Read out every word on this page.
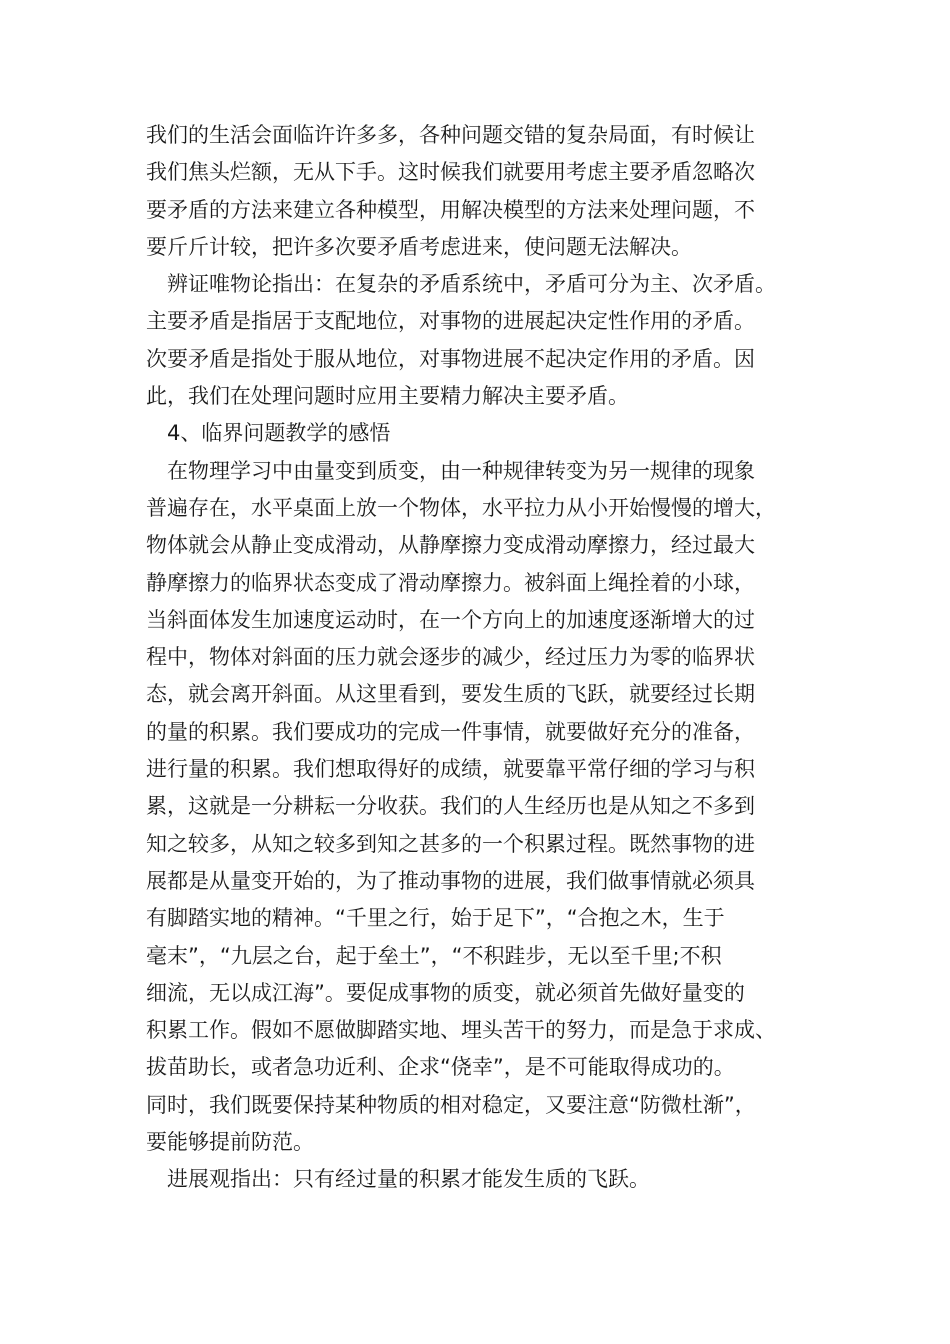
我们的生活会面临许许多多，各种问题交错的复杂局面，有时候让
我们焦头烂额，无从下手。这时候我们就要用考虑主要矛盾忽略次
要矛盾的方法来建立各种模型，用解决模型的方法来处理问题，不
要斤斤计较，把许多次要矛盾考虑进来，使问题无法解决。
辨证唯物论指出：在复杂的矛盾系统中，矛盾可分为主、次矛盾。
主要矛盾是指居于支配地位，对事物的进展起决定性作用的矛盾。
次要矛盾是指处于服从地位，对事物进展不起决定作用的矛盾。因
此，我们在处理问题时应用主要精力解决主要矛盾。
4、临界问题教学的感悟
在物理学习中由量变到质变，由一种规律转变为另一规律的现象
普遍存在，水平桌面上放一个物体，水平拉力从小开始慢慢的增大，
物体就会从静止变成滑动，从静摩擦力变成滑动摩擦力，经过最大
静摩擦力的临界状态变成了滑动摩擦力。被斜面上绳拴着的小球，
当斜面体发生加速度运动时，在一个方向上的加速度逐渐增大的过
程中，物体对斜面的压力就会逐步的减少，经过压力为零的临界状
态，就会离开斜面。从这里看到，要发生质的飞跃，就要经过长期
的量的积累。我们要成功的完成一件事情，就要做好充分的准备，
进行量的积累。我们想取得好的成绩，就要靠平常仔细的学习与积
累，这就是一分耕耘一分收获。我们的人生经历也是从知之不多到
知之较多，从知之较多到知之甚多的一个积累过程。既然事物的进
展都是从量变开始的，为了推动事物的进展，我们做事情就必须具
有脚踏实地的精神。“千里之行，始于足下”，“合抱之木，生于
毫末”，“九层之台，起于垒土”，“不积跬步，无以至千里;不积
细流，无以成江海”。要促成事物的质变，就必须首先做好量变的
积累工作。假如不愿做脚踏实地、埋头苦干的努力，而是急于求成、
拔苗助长，或者急功近利、企求“侥幸”，是不可能取得成功的。
同时，我们既要保持某种物质的相对稳定，又要注意“防微杜渐”，
要能够提前防范。
进展观指出：只有经过量的积累才能发生质的飞跃。
